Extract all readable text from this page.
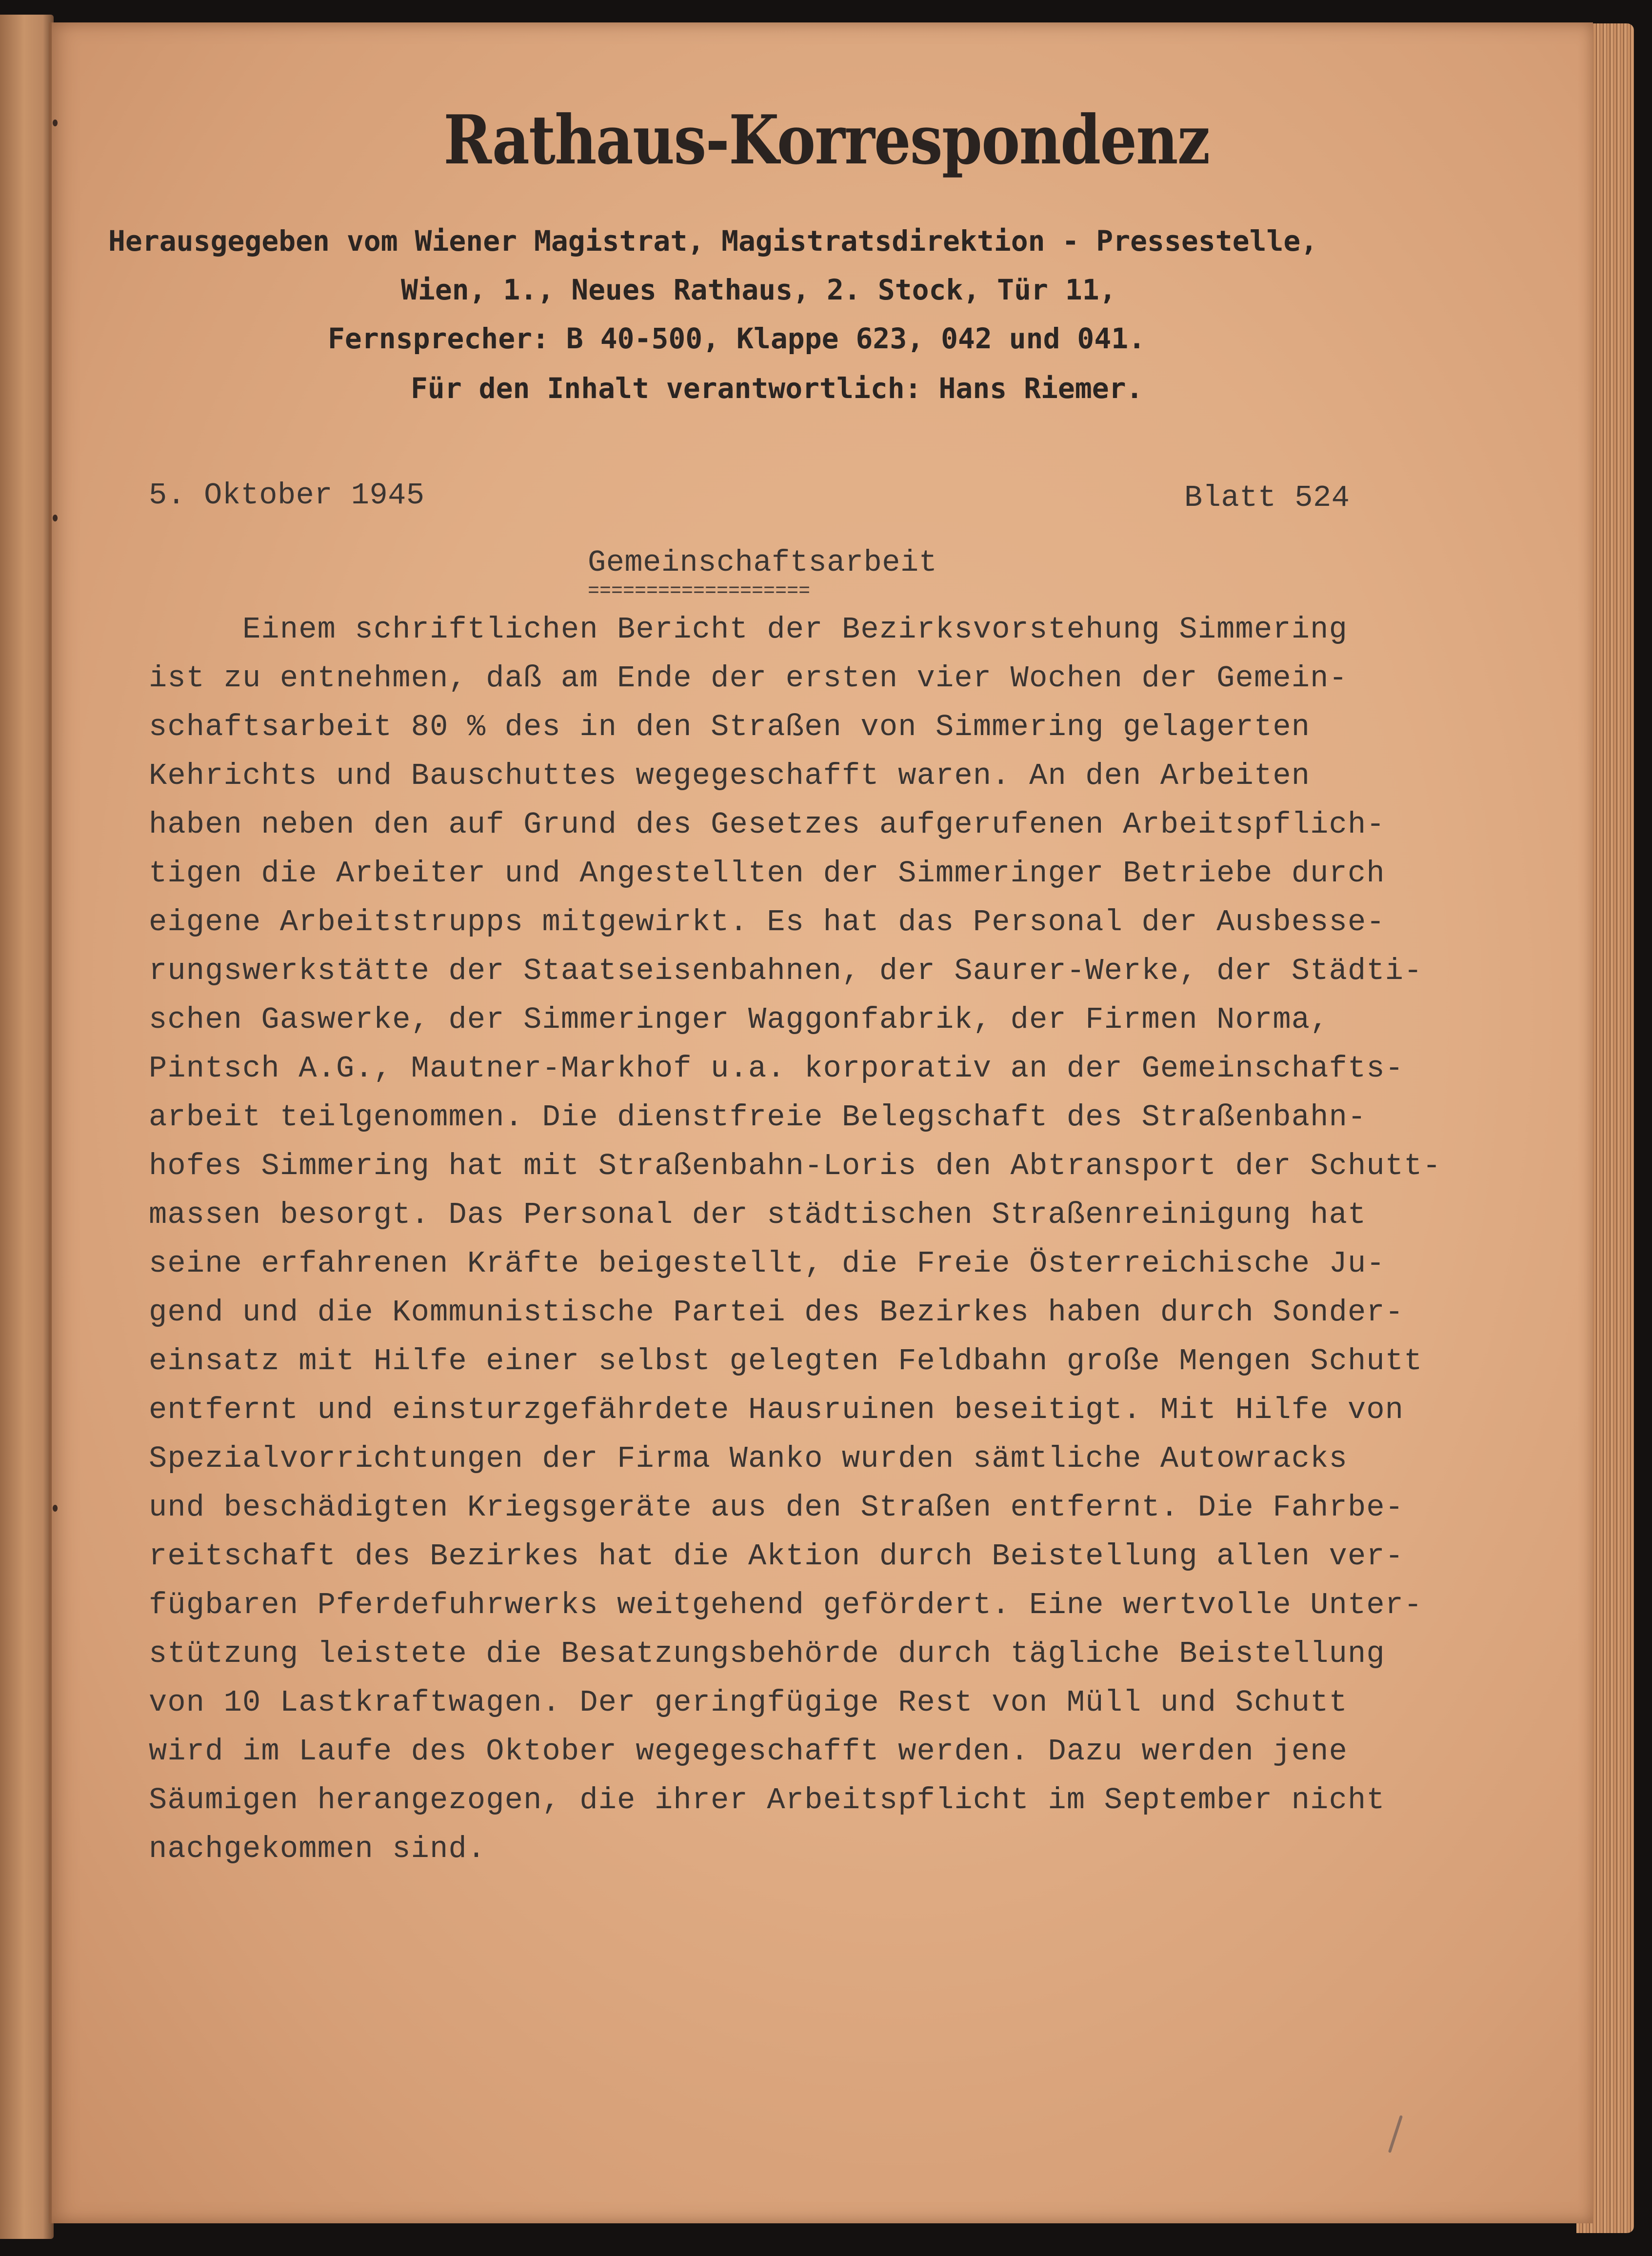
Rathaus-Korrespondenz
Herausgegeben vom Wiener Magistrat, Magistratsdirektion - Pressestelle,
Wien, 1., Neues Rathaus, 2. Stock, Tür 11,
Fernsprecher: B 40-500, Klappe 623, 042 und 041.
Für den Inhalt verantwortlich: Hans Riemer.
5. Oktober 1945	Blatt 524
Gemeinschaftsarbeit
===================
Einem schriftlichen Bericht der Bezirksvorstehung Simmering
ist zu entnehmen, daß am Ende der ersten vier Wochen der Gemein-
schaftsarbeit 80 % des in den Straßen von Simmering gelagerten
Kehrichts und Bauschuttes wegegeschafft waren. An den Arbeiten
haben neben den auf Grund des Gesetzes aufgerufenen Arbeitspflich-
tigen die Arbeiter und Angestellten der Simmeringer Betriebe durch
eigene Arbeitstrupps mitgewirkt. Es hat das Personal der Ausbesse-
rungswerkstätte der Staatseisenbahnen, der Saurer-Werke, der Städti-
schen Gaswerke, der Simmeringer Waggonfabrik, der Firmen Norma,
Pintsch A.G., Mautner-Markhof u.a. korporativ an der Gemeinschafts-
arbeit teilgenommen. Die dienstfreie Belegschaft des Straßenbahn-
hofes Simmering hat mit Straßenbahn-Loris den Abtransport der Schutt-
massen besorgt. Das Personal der städtischen Straßenreinigung hat
seine erfahrenen Kräfte beigestellt, die Freie Österreichische Ju-
gend und die Kommunistische Partei des Bezirkes haben durch Sonder-
einsatz mit Hilfe einer selbst gelegten Feldbahn große Mengen Schutt
entfernt und einsturzgefährdete Hausruinen beseitigt. Mit Hilfe von
Spezialvorrichtungen der Firma Wanko wurden sämtliche Autowracks
und beschädigten Kriegsgeräte aus den Straßen entfernt. Die Fahrbe-
reitschaft des Bezirkes hat die Aktion durch Beistellung allen ver-
fügbaren Pferdefuhrwerks weitgehend gefördert. Eine wertvolle Unter-
stützung leistete die Besatzungsbehörde durch tägliche Beistellung
von 10 Lastkraftwagen. Der geringfügige Rest von Müll und Schutt
wird im Laufe des Oktober wegegeschafft werden. Dazu werden jene
Säumigen herangezogen, die ihrer Arbeitspflicht im September nicht
nachgekommen sind.
